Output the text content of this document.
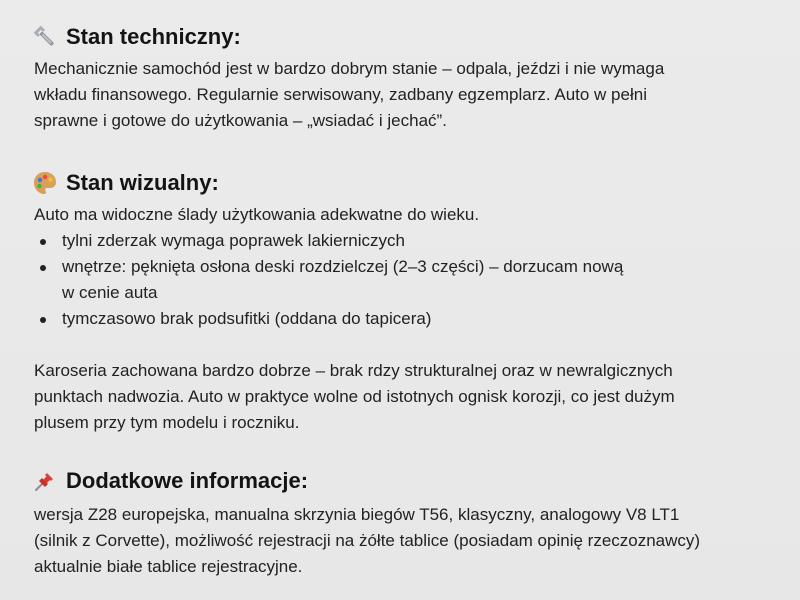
Stan techniczny:

Mechanicznie samochód jest w bardzo dobrym stanie – odpala, jeździ i nie wymaga
wkładu finansowego. Regularnie serwisowany, zadbany egzemplarz. Auto w pełni
sprawne i gotowe do użytkowania – „wsiadać i jechać”.

Stan wizualny:

Auto ma widoczne ślady użytkowania adekwatne do wieku.

tylni zderzak wymaga poprawek lakierniczych
wnętrze: pęknięta osłona deski rozdzielczej (2–3 części) – dorzucam nową
w cenie auta
tymczasowo brak podsufitki (oddana do tapicera)

Karoseria zachowana bardzo dobrze – brak rdzy strukturalnej oraz w newralgicznych
punktach nadwozia. Auto w praktyce wolne od istotnych ognisk korozji, co jest dużym
plusem przy tym modelu i roczniku.

Dodatkowe informacje:

wersja Z28 europejska, manualna skrzynia biegów T56, klasyczny, analogowy V8 LT1
(silnik z Corvette), możliwość rejestracji na żółte tablice (posiadam opinię rzeczoznawcy)
aktualnie białe tablice rejestracyjne.
